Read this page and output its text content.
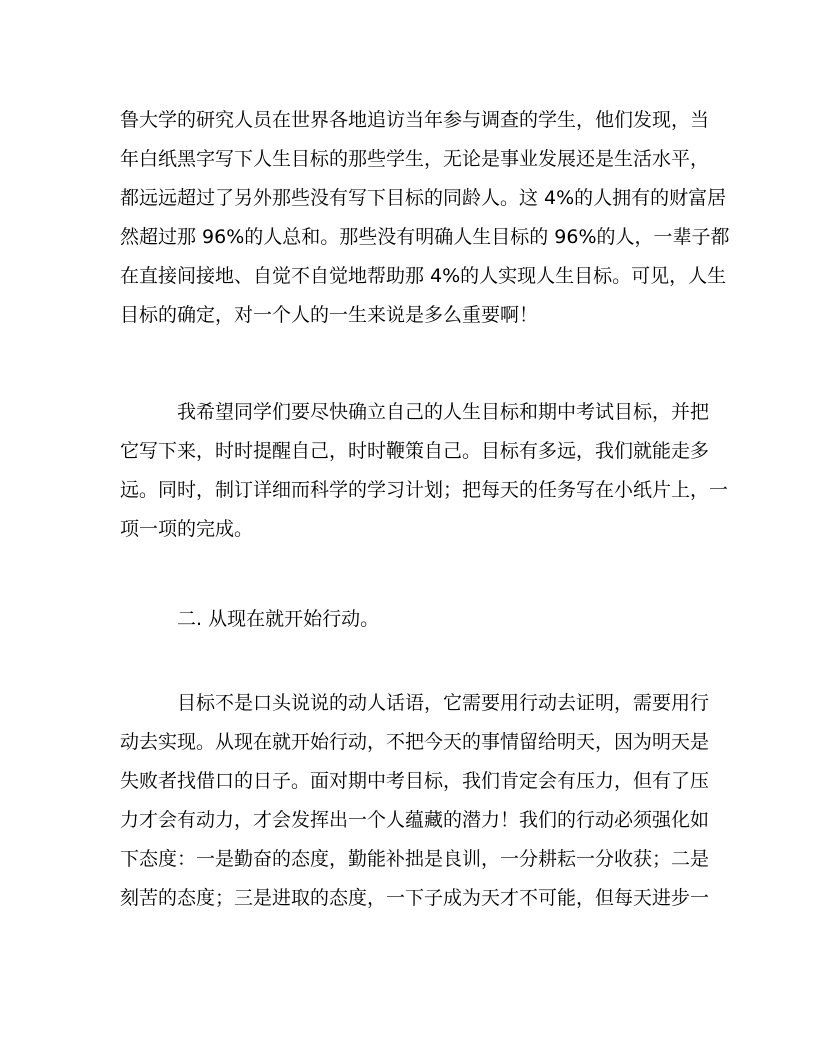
鲁大学的研究人员在世界各地追访当年参与调查的学生，他们发现，当
年白纸黑字写下人生目标的那些学生，无论是事业发展还是生活水平，
都远远超过了另外那些没有写下目标的同龄人。这 4%的人拥有的财富居
然超过那 96%的人总和。那些没有明确人生目标的 96%的人，一辈子都
在直接间接地、自觉不自觉地帮助那 4%的人实现人生目标。可见，人生
目标的确定，对一个人的一生来说是多么重要啊！
我希望同学们要尽快确立自己的人生目标和期中考试目标，并把
它写下来，时时提醒自己，时时鞭策自己。目标有多远，我们就能走多
远。同时，制订详细而科学的学习计划；把每天的任务写在小纸片上，一
项一项的完成。
二. 从现在就开始行动。
目标不是口头说说的动人话语，它需要用行动去证明，需要用行
动去实现。从现在就开始行动，不把今天的事情留给明天，因为明天是
失败者找借口的日子。面对期中考目标，我们肯定会有压力，但有了压
力才会有动力，才会发挥出一个人蕴藏的潜力！我们的行动必须强化如
下态度：一是勤奋的态度，勤能补拙是良训，一分耕耘一分收获；二是
刻苦的态度；三是进取的态度，一下子成为天才不可能，但每天进步一
